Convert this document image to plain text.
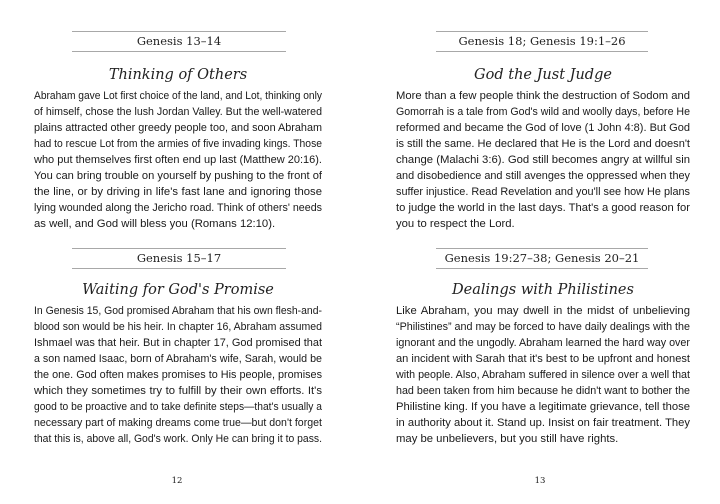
Genesis 13–14
Thinking of Others
Abraham gave Lot first choice of the land, and Lot, thinking only
of himself, chose the lush Jordan Valley. But the well-watered
plains attracted other greedy people too, and soon Abraham
had to rescue Lot from the armies of five invading kings. Those
who put themselves first often end up last (Matthew 20:16).
You can bring trouble on yourself by pushing to the front of
the line, or by driving in life's fast lane and ignoring those
lying wounded along the Jericho road. Think of others' needs
as well, and God will bless you (Romans 12:10).
Genesis 15–17
Waiting for God's Promise
In Genesis 15, God promised Abraham that his own flesh-and-
blood son would be his heir. In chapter 16, Abraham assumed
Ishmael was that heir. But in chapter 17, God promised that
a son named Isaac, born of Abraham's wife, Sarah, would be
the one. God often makes promises to His people, promises
which they sometimes try to fulfill by their own efforts. It's
good to be proactive and to take definite steps—that's usually a
necessary part of making dreams come true—but don't forget
that this is, above all, God's work. Only He can bring it to pass.
12
Genesis 18; Genesis 19:1–26
God the Just Judge
More than a few people think the destruction of Sodom and
Gomorrah is a tale from God's wild and woolly days, before He
reformed and became the God of love (1 John 4:8). But God
is still the same. He declared that He is the Lord and doesn't
change (Malachi 3:6). God still becomes angry at willful sin
and disobedience and still avenges the oppressed when they
suffer injustice. Read Revelation and you'll see how He plans
to judge the world in the last days. That's a good reason for
you to respect the Lord.
Genesis 19:27–38; Genesis 20–21
Dealings with Philistines
Like Abraham, you may dwell in the midst of unbelieving
“Philistines” and may be forced to have daily dealings with the
ignorant and the ungodly. Abraham learned the hard way over
an incident with Sarah that it's best to be upfront and honest
with people. Also, Abraham suffered in silence over a well that
had been taken from him because he didn't want to bother the
Philistine king. If you have a legitimate grievance, tell those
in authority about it. Stand up. Insist on fair treatment. They
may be unbelievers, but you still have rights.
13
